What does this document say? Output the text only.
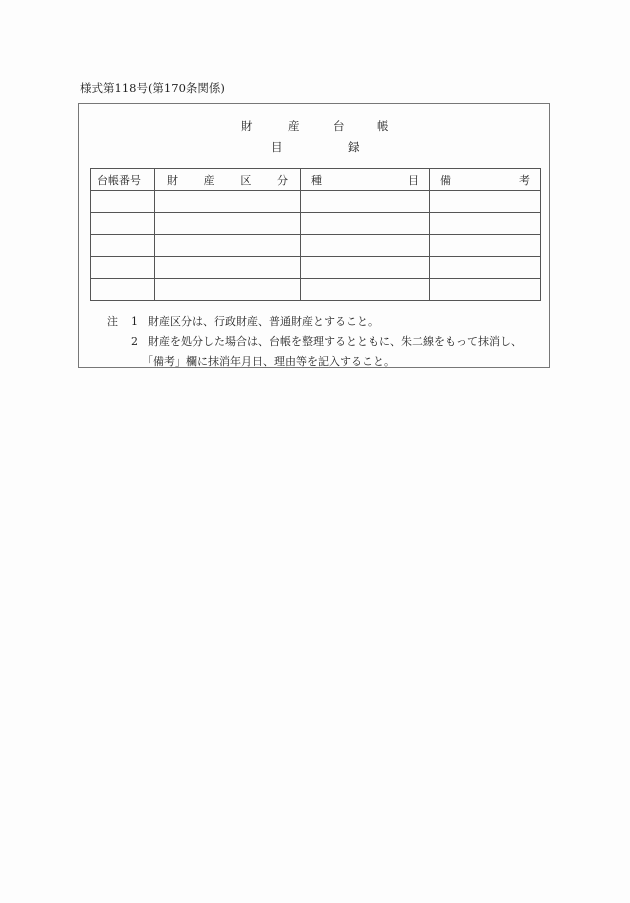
様式第118号(第170条関係)
財	産	台	帳
目	録
台帳番号	財 産 区 分	種 目	備 考

注 1 財産区分は、行政財産、普通財産とすること。
2 財産を処分した場合は、台帳を整理するとともに、朱二線をもって抹消し、
「備考」欄に抹消年月日、理由等を記入すること。
